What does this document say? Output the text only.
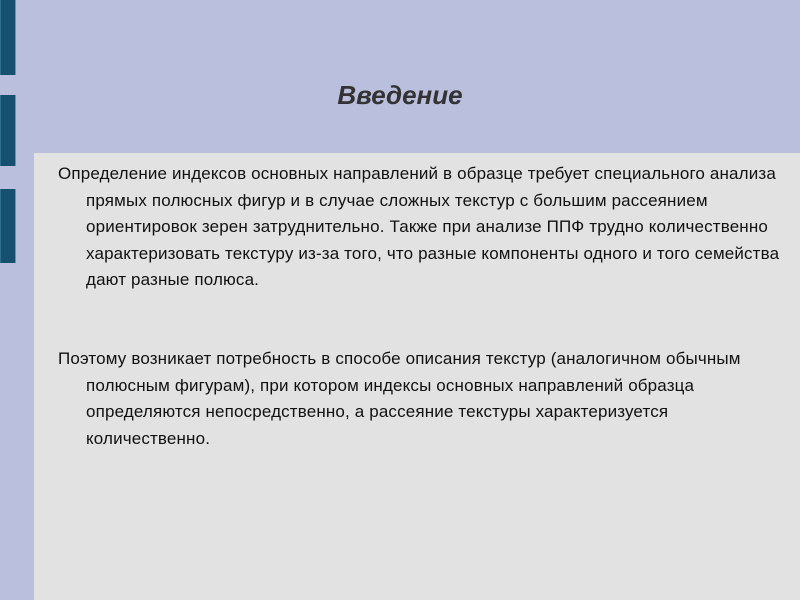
Введение

Определение индексов основных направлений в образце требует специального анализа прямых полюсных фигур и в случае сложных текстур с большим рассеянием ориентировок зерен затруднительно. Также при анализе ППФ трудно количественно характеризовать текстуру из-за того, что разные компоненты одного и того семейства дают разные полюса.

Поэтому возникает потребность в способе описания текстур (аналогичном обычным полюсным фигурам), при котором индексы основных направлений образца определяются непосредственно, а рассеяние текстуры характеризуется количественно.
